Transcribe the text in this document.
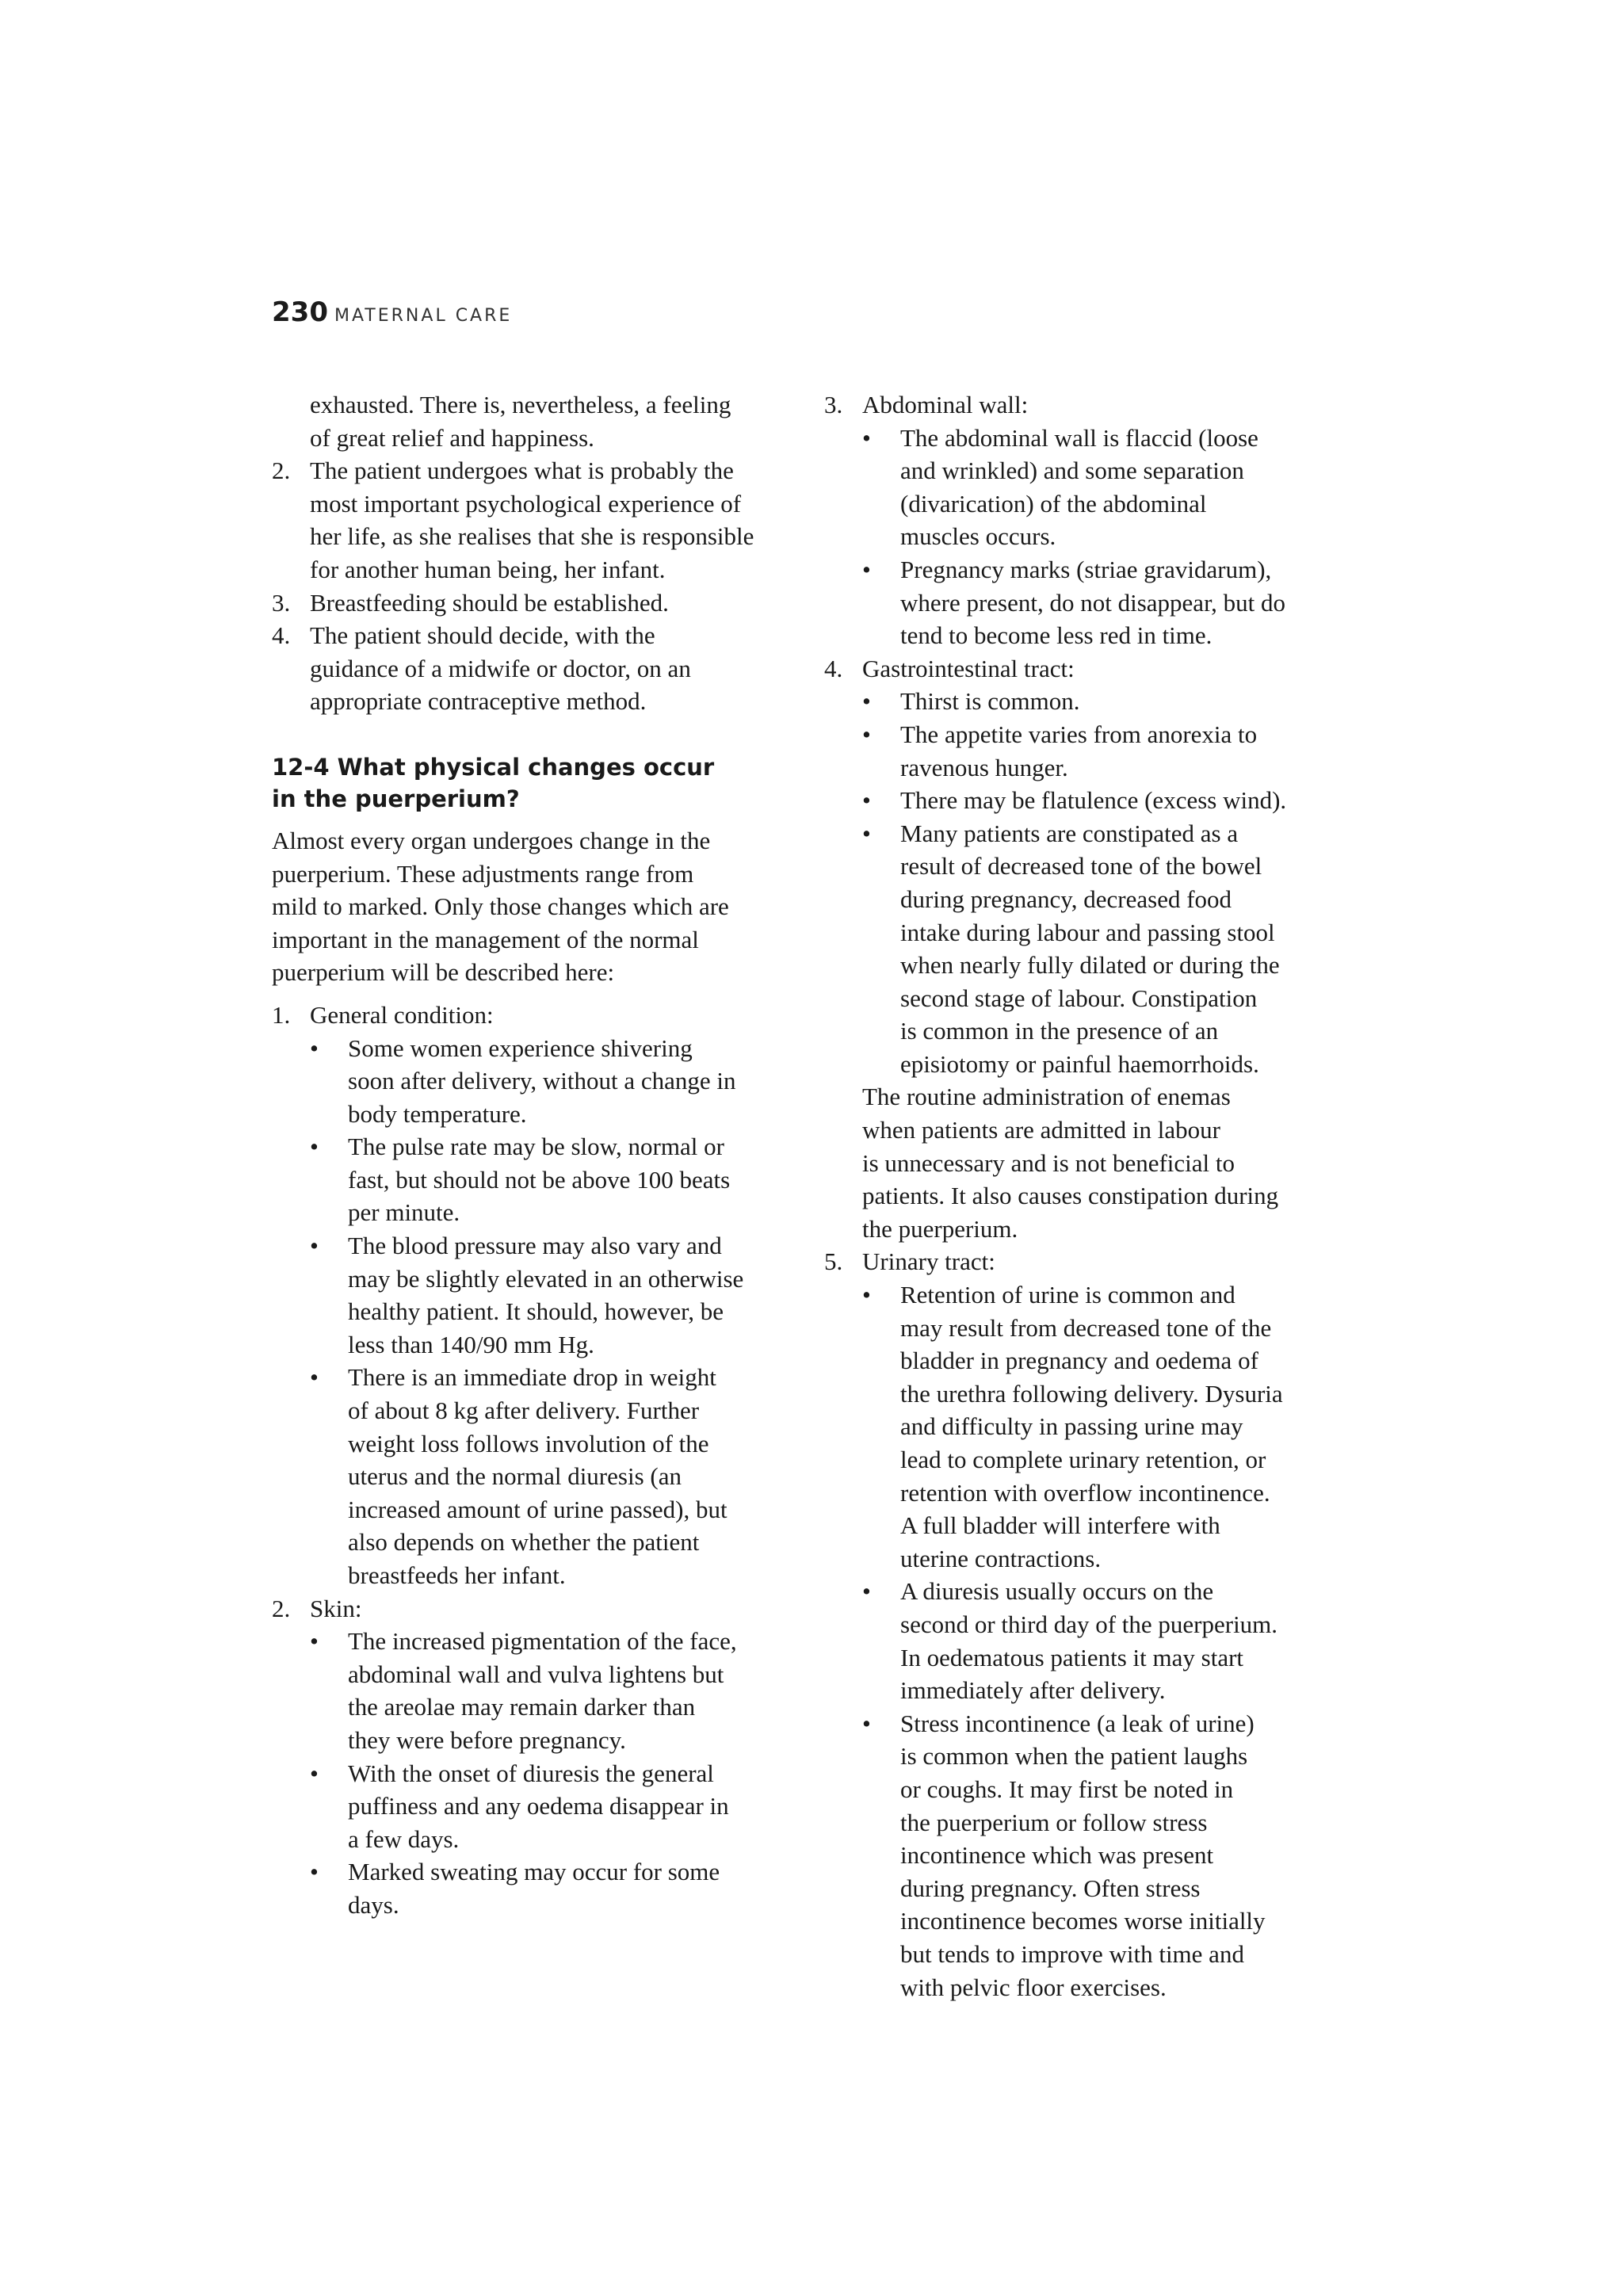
230 MATERNAL CARE
exhausted. There is, nevertheless, a feeling
of great relief and happiness.
2. The patient undergoes what is probably the
most important psychological experience of
her life, as she realises that she is responsible
for another human being, her infant.
3. Breastfeeding should be established.
4. The patient should decide, with the
guidance of a midwife or doctor, on an
appropriate contraceptive method.
12-4 What physical changes occur
in the puerperium?
Almost every organ undergoes change in the
puerperium. These adjustments range from
mild to marked. Only those changes which are
important in the management of the normal
puerperium will be described here:
1. General condition:
• Some women experience shivering
soon after delivery, without a change in
body temperature.
• The pulse rate may be slow, normal or
fast, but should not be above 100 beats
per minute.
• The blood pressure may also vary and
may be slightly elevated in an otherwise
healthy patient. It should, however, be
less than 140/90 mm Hg.
• There is an immediate drop in weight
of about 8 kg after delivery. Further
weight loss follows involution of the
uterus and the normal diuresis (an
increased amount of urine passed), but
also depends on whether the patient
breastfeeds her infant.
2. Skin:
• The increased pigmentation of the face,
abdominal wall and vulva lightens but
the areolae may remain darker than
they were before pregnancy.
• With the onset of diuresis the general
puffiness and any oedema disappear in
a few days.
• Marked sweating may occur for some
days.
3. Abdominal wall:
• The abdominal wall is flaccid (loose
and wrinkled) and some separation
(divarication) of the abdominal
muscles occurs.
• Pregnancy marks (striae gravidarum),
where present, do not disappear, but do
tend to become less red in time.
4. Gastrointestinal tract:
• Thirst is common.
• The appetite varies from anorexia to
ravenous hunger.
• There may be flatulence (excess wind).
• Many patients are constipated as a
result of decreased tone of the bowel
during pregnancy, decreased food
intake during labour and passing stool
when nearly fully dilated or during the
second stage of labour. Constipation
is common in the presence of an
episiotomy or painful haemorrhoids.
The routine administration of enemas
when patients are admitted in labour
is unnecessary and is not beneficial to
patients. It also causes constipation during
the puerperium.
5. Urinary tract:
• Retention of urine is common and
may result from decreased tone of the
bladder in pregnancy and oedema of
the urethra following delivery. Dysuria
and difficulty in passing urine may
lead to complete urinary retention, or
retention with overflow incontinence.
A full bladder will interfere with
uterine contractions.
• A diuresis usually occurs on the
second or third day of the puerperium.
In oedematous patients it may start
immediately after delivery.
• Stress incontinence (a leak of urine)
is common when the patient laughs
or coughs. It may first be noted in
the puerperium or follow stress
incontinence which was present
during pregnancy. Often stress
incontinence becomes worse initially
but tends to improve with time and
with pelvic floor exercises.
